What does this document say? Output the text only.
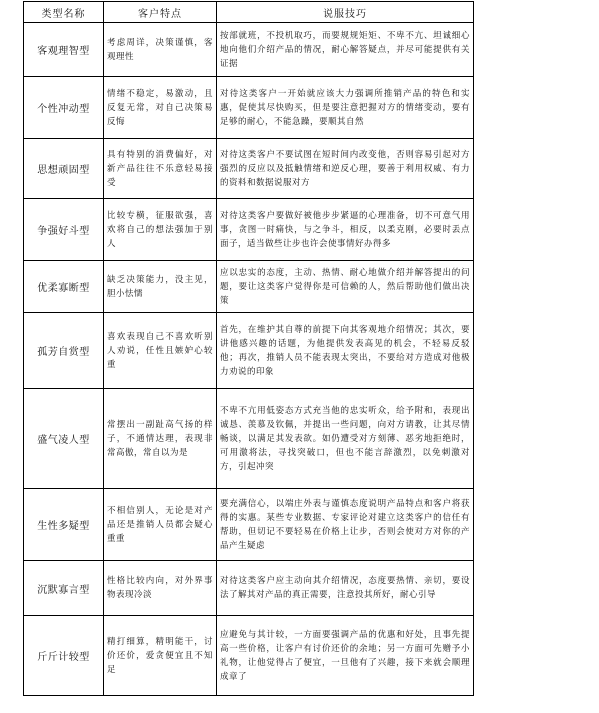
类型名称	客户特点	说服技巧
客观理智型	考虑周详，决策谨慎，客观理性	按部就班，不投机取巧，而要规规矩矩、不卑不亢、坦诚细心地向他们介绍产品的情况，耐心解答疑点，并尽可能提供有关证据
个性冲动型	情绪不稳定，易激动，且反复无常，对自己决策易反悔	对待这类客户一开始就应该大力强调所推销产品的特色和实惠，促使其尽快购买，但是要注意把握对方的情绪变动，要有足够的耐心，不能急躁，要顺其自然
思想顽固型	具有特别的消费偏好，对新产品往往不乐意轻易接受	对待这类客户不要试图在短时间内改变他，否则容易引起对方强烈的反应以及抵触情绪和逆反心理，要善于利用权威、有力的资料和数据说服对方
争强好斗型	比较专横，征服欲强，喜欢将自己的想法强加于别人	对待这类客户要做好被他步步紧逼的心理准备，切不可意气用事，贪图一时痛快，与之争斗，相反，以柔克刚，必要时丢点面子，适当做些让步也许会使事情好办得多
优柔寡断型	缺乏决策能力，没主见，胆小怯懦	应以忠实的态度，主动、热情、耐心地做介绍并解答提出的问题，要让这类客户觉得你是可信赖的人，然后帮助他们做出决策
孤芳自赏型	喜欢表现自己不喜欢听别人劝说，任性且嫉妒心较重	首先，在维护其自尊的前提下向其客观地介绍情况；其次，要讲他感兴趣的话题，为他提供发表高见的机会，不轻易反驳他；再次，推销人员不能表现太突出，不要给对方造成对他极力劝说的印象
盛气凌人型	常摆出一副趾高气扬的样子，不通情达理，表现非常高傲，常自以为是	不卑不亢用低姿态方式充当他的忠实听众，给予附和，表现出诚恳、羡慕及钦佩，并提出一些问题，向对方请教，让其尽情畅谈，以满足其发表欲。如仍遭受对方刻薄、恶劣地拒绝时，可用激将法，寻找突破口，但也不能言辞激烈，以免刺激对方，引起冲突
生性多疑型	不相信别人，无论是对产品还是推销人员都会疑心重重	要充满信心，以端庄外表与谨慎态度说明产品特点和客户将获得的实惠。某些专业数据、专家评论对建立这类客户的信任有帮助，但切记不要轻易在价格上让步，否则会使对方对你的产品产生疑虑
沉默寡言型	性格比较内向，对外界事物表现冷淡	对待这类客户应主动向其介绍情况，态度要热情、亲切，要设法了解其对产品的真正需要，注意投其所好，耐心引导
斤斤计较型	精打细算，精明能干，讨价还价，爱贪便宜且不知足	应避免与其计较，一方面要强调产品的优惠和好处，且事先提高一些价格，让客户有讨价还价的余地；另一方面可先赠予小礼物，让他觉得占了便宜，一旦他有了兴趣，接下来就会顺理成章了
